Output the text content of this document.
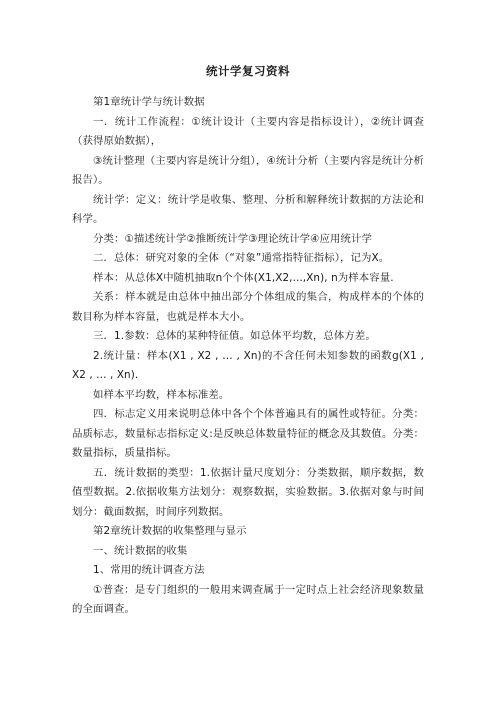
统计学复习资料

第1章统计学与统计数据

一．统计工作流程：①统计设计（主要内容是指标设计），②统计调查（获得原始数据），

③统计整理（主要内容是统计分组），④统计分析（主要内容是统计分析报告）。

统计学：定义：统计学是收集、整理、分析和解释统计数据的方法论和科学。

分类：①描述统计学②推断统计学③理论统计学④应用统计学

二．总体：研究对象的全体（“对象”通常指特征指标），记为X。

样本：从总体X中随机抽取n个个体(X1,X2,...,Xn), n为样本容量.

关系：样本就是由总体中抽出部分个体组成的集合，构成样本的个体的数目称为样本容量，也就是样本大小。

三．1.参数：总体的某种特征值。如总体平均数，总体方差。

2.统计量：样本(X1 , X2 , … , Xn)的不含任何未知参数的函数g(X1 , X2 , … , Xn).

如样本平均数，样本标准差。

四．标志定义用来说明总体中各个个体普遍具有的属性或特征。分类：品质标志，数量标志指标定义:是反映总体数量特征的概念及其数值。分类：数量指标，质量指标。

五．统计数据的类型：1.依据计量尺度划分：分类数据，顺序数据，数值型数据。2.依据收集方法划分：观察数据，实验数据。3.依据对象与时间划分：截面数据，时间序列数据。

第2章统计数据的收集整理与显示

一、统计数据的收集

1、常用的统计调查方法

①普查：是专门组织的一般用来调查属于一定时点上社会经济现象数量的全面调查。
